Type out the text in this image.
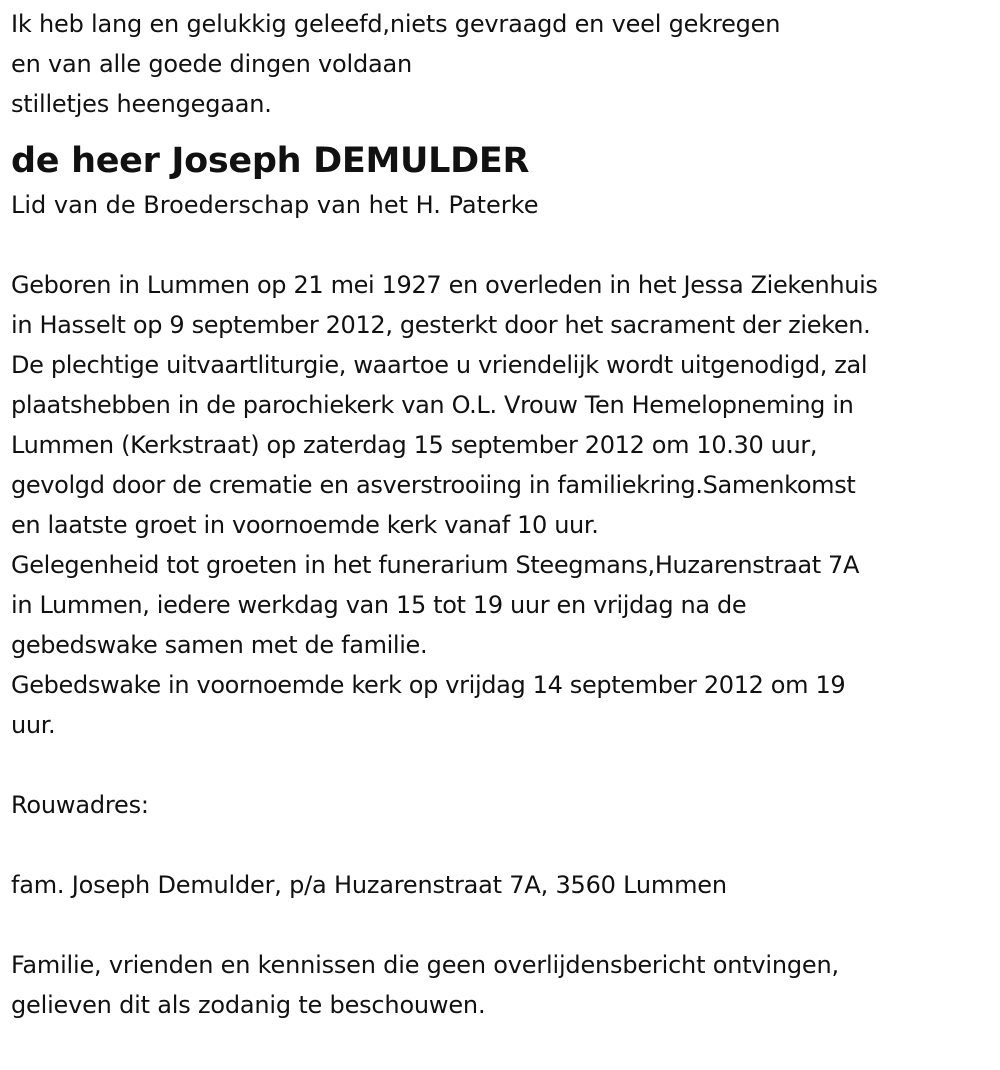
Ik heb lang en gelukkig geleefd,niets gevraagd en veel gekregen
en van alle goede dingen voldaan
stilletjes heengegaan.
de heer Joseph DEMULDER
Lid van de Broederschap van het H. Paterke
Geboren in Lummen op 21 mei 1927 en overleden in het Jessa Ziekenhuis
in Hasselt op 9 september 2012, gesterkt door het sacrament der zieken.
De plechtige uitvaartliturgie, waartoe u vriendelijk wordt uitgenodigd, zal
plaatshebben in de parochiekerk van O.L. Vrouw Ten Hemelopneming in
Lummen (Kerkstraat) op zaterdag 15 september 2012 om 10.30 uur,
gevolgd door de crematie en asverstrooiing in familiekring.Samenkomst
en laatste groet in voornoemde kerk vanaf 10 uur.
Gelegenheid tot groeten in het funerarium Steegmans,Huzarenstraat 7A
in Lummen, iedere werkdag van 15 tot 19 uur en vrijdag na de
gebedswake samen met de familie.
Gebedswake in voornoemde kerk op vrijdag 14 september 2012 om 19
uur.
Rouwadres:
fam. Joseph Demulder, p/a Huzarenstraat 7A, 3560 Lummen
Familie, vrienden en kennissen die geen overlijdensbericht ontvingen,
gelieven dit als zodanig te beschouwen.
